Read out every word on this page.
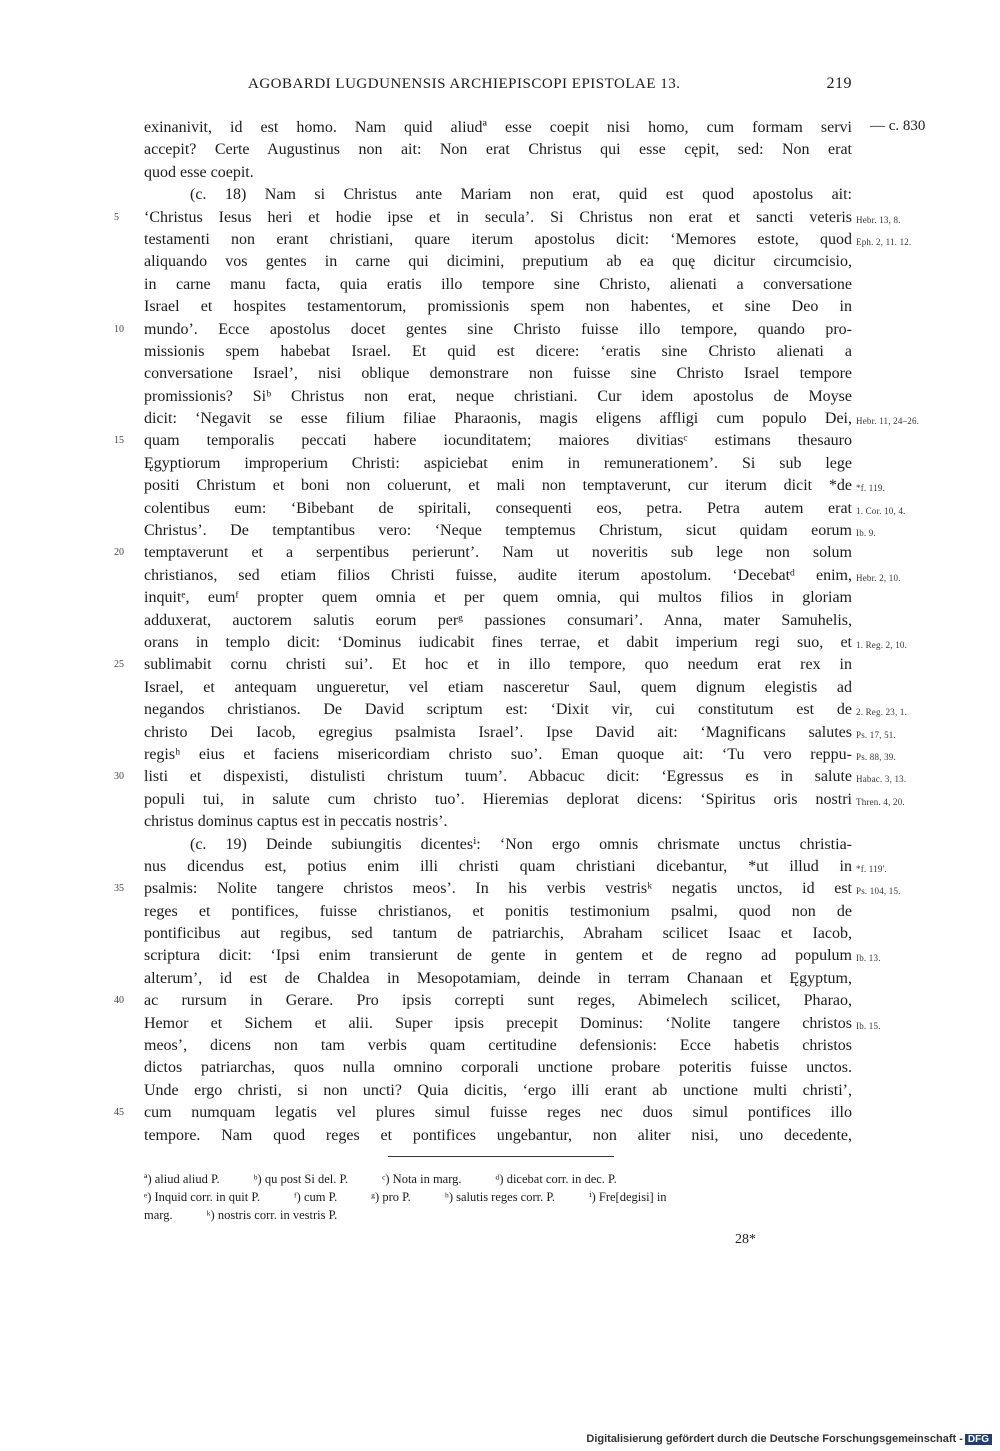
AGOBARDI LUGDUNENSIS ARCHIEPISCOPI EPISTOLAE 13.	219
— c. 830
exinanivit, id est homo. Nam quid aliudª esse coepit nisi homo, cum formam servi
accepit? Certe Augustinus non ait: Non erat Christus qui esse cępit, sed: Non erat
quod esse coepit.
(c. 18) Nam si Christus ante Mariam non erat, quid est quod apostolus ait:
5	‘Christus Iesus heri et hodie ipse et in secula’. Si Christus non erat et sancti veteris Hebr. 13, 8.
testamenti non erant christiani, quare iterum apostolus dicit: ‘Memores estote, quod Eph. 2, 11. 12.
aliquando vos gentes in carne qui dicimini, preputium ab ea quę dicitur circumcisio,
in carne manu facta, quia eratis illo tempore sine Christo, alienati a conversatione
Israel et hospites testamentorum, promissionis spem non habentes, et sine Deo in
10	mundo’. Ecce apostolus docet gentes sine Christo fuisse illo tempore, quando pro-
missionis spem habebat Israel. Et quid est dicere: ‘eratis sine Christo alienati a
conversatione Israel’, nisi oblique demonstrare non fuisse sine Christo Israel tempore
promissionis? Siᵇ Christus non erat, neque christiani. Cur idem apostolus de Moyse
dicit: ‘Negavit se esse filium filiae Pharaonis, magis eligens affligi cum populo Dei, Hebr. 11, 24–26.
15	quam temporalis peccati habere iocunditatem; maiores divitiasᶜ estimans thesauro
Ęgyptiorum improperium Christi: aspiciebat enim in remunerationem’. Si sub lege
positi Christum et boni non coluerunt, et mali non temptaverunt, cur iterum dicit *de *f. 119.
colentibus eum: ‘Bibebant de spiritali, consequenti eos, petra. Petra autem erat 1. Cor. 10, 4.
Christus’. De temptantibus vero: ‘Neque temptemus Christum, sicut quidam eorum Ib. 9.
20	temptaverunt et a serpentibus perierunt’. Nam ut noveritis sub lege non solum
christianos, sed etiam filios Christi fuisse, audite iterum apostolum. ‘Decebatᵈ enim, Hebr. 2, 10.
inquitᵉ, eumᶠ propter quem omnia et per quem omnia, qui multos filios in gloriam
adduxerat, auctorem salutis eorum perᵍ passiones consumari’. Anna, mater Samuhelis,
orans in templo dicit: ‘Dominus iudicabit fines terrae, et dabit imperium regi suo, et 1. Reg. 2, 10.
25	sublimabit cornu christi sui’. Et hoc et in illo tempore, quo needum erat rex in
Israel, et antequam ungueretur, vel etiam nasceretur Saul, quem dignum elegistis ad
negandos christianos. De David scriptum est: ‘Dixit vir, cui constitutum est de 2. Reg. 23, 1.
christo Dei Iacob, egregius psalmista Israel’. Ipse David ait: ‘Magnificans salutes Ps. 17, 51.
regisʰ eius et faciens misericordiam christo suo’. Eman quoque ait: ‘Tu vero reppu- Ps. 88, 39.
30	listi et dispexisti, distulisti christum tuum’. Abbacuc dicit: ‘Egressus es in salute Habac. 3, 13.
populi tui, in salute cum christo tuo’. Hieremias deplorat dicens: ‘Spiritus oris nostri Thren. 4, 20.
christus dominus captus est in peccatis nostris’.
(c. 19) Deinde subiungitis dicentesⁱ: ‘Non ergo omnis chrismate unctus christia-
nus dicendus est, potius enim illi christi quam christiani dicebantur, *ut illud in *f. 119'.
35	psalmis: Nolite tangere christos meos’. In his verbis vestrisᵏ negatis unctos, id est Ps. 104, 15.
reges et pontifices, fuisse christianos, et ponitis testimonium psalmi, quod non de
pontificibus aut regibus, sed tantum de patriarchis, Abraham scilicet Isaac et Iacob,
scriptura dicit: ‘Ipsi enim transierunt de gente in gentem et de regno ad populum Ib. 13.
alterum’, id est de Chaldea in Mesopotamiam, deinde in terram Chanaan et Ęgyptum,
40	ac rursum in Gerare. Pro ipsis correpti sunt reges, Abimelech scilicet, Pharao,
Hemor et Sichem et alii. Super ipsis precepit Dominus: ‘Nolite tangere christos Ib. 15.
meos’, dicens non tam verbis quam certitudine defensionis: Ecce habetis christos
dictos patriarchas, quos nulla omnino corporali unctione probare poteritis fuisse unctos.
Unde ergo christi, si non uncti? Quia dicitis, ‘ergo illi erant ab unctione multi christi’,
45	cum numquam legatis vel plures simul fuisse reges nec duos simul pontifices illo
tempore. Nam quod reges et pontifices ungebantur, non aliter nisi, uno decedente,
ª) aliud aliud P.	ᵇ) qu post Si del. P.	ᶜ) Nota in marg.	ᵈ) dicebat corr. in dec. P.
ᵉ) Inquid corr. in quit P.	ᶠ) cum P.	ᵍ) pro P.	ʰ) salutis reges corr. P.	ⁱ) Fre[degisi] in
marg.	ᵏ) nostris corr. in vestris P.
28*
Digitalisierung gefördert durch die Deutsche Forschungsgemeinschaft - DFG
